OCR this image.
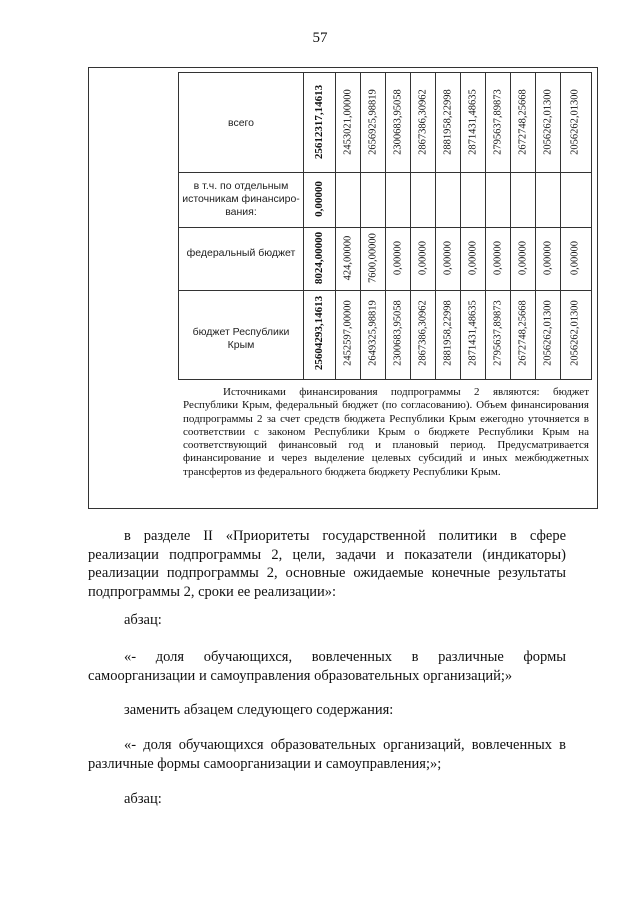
57
всего
в т.ч. по отдельным источникам финансиро-вания:
федеральный бюджет
бюджет Республики Крым
25612317,14613 2453021,00000 2656925,98819 2300683,95058 2867386,30962 2881958,22998 2871431,48635 2795637,89873 2672748,25668 2056262,01300 2056262,01300
0,00000
8024,00000 424,00000 7600,00000 0,00000 0,00000 0,00000 0,00000 0,00000 0,00000 0,00000 0,00000
25604293,14613 2452597,00000 2649325,98819 2300683,95058 2867386,30962 2881958,22998 2871431,48635 2795637,89873 2672748,25668 2056262,01300 2056262,01300
Источниками финансирования подпрограммы 2 являются: бюджет Республики Крым, федеральный бюджет (по согласованию). Объем финансирования подпрограммы 2 за счет средств бюджета Республики Крым ежегодно уточняется в соответствии с законом Республики Крым о бюджете Республики Крым на соответствующий финансовый год и плановый период. Предусматривается финансирование и через выделение целевых субсидий и иных межбюджетных трансфертов из федерального бюджета бюджету Республики Крым.
в разделе II «Приоритеты государственной политики в сфере реализации подпрограммы 2, цели, задачи и показатели (индикаторы) реализации подпрограммы 2, основные ожидаемые конечные результаты подпрограммы 2, сроки ее реализации»:
абзац:
«- доля обучающихся, вовлеченных в различные формы самоорганизации и самоуправления образовательных организаций;»
заменить абзацем следующего содержания:
«- доля обучающихся образовательных организаций, вовлеченных в различные формы самоорганизации и самоуправления;»;
абзац:
